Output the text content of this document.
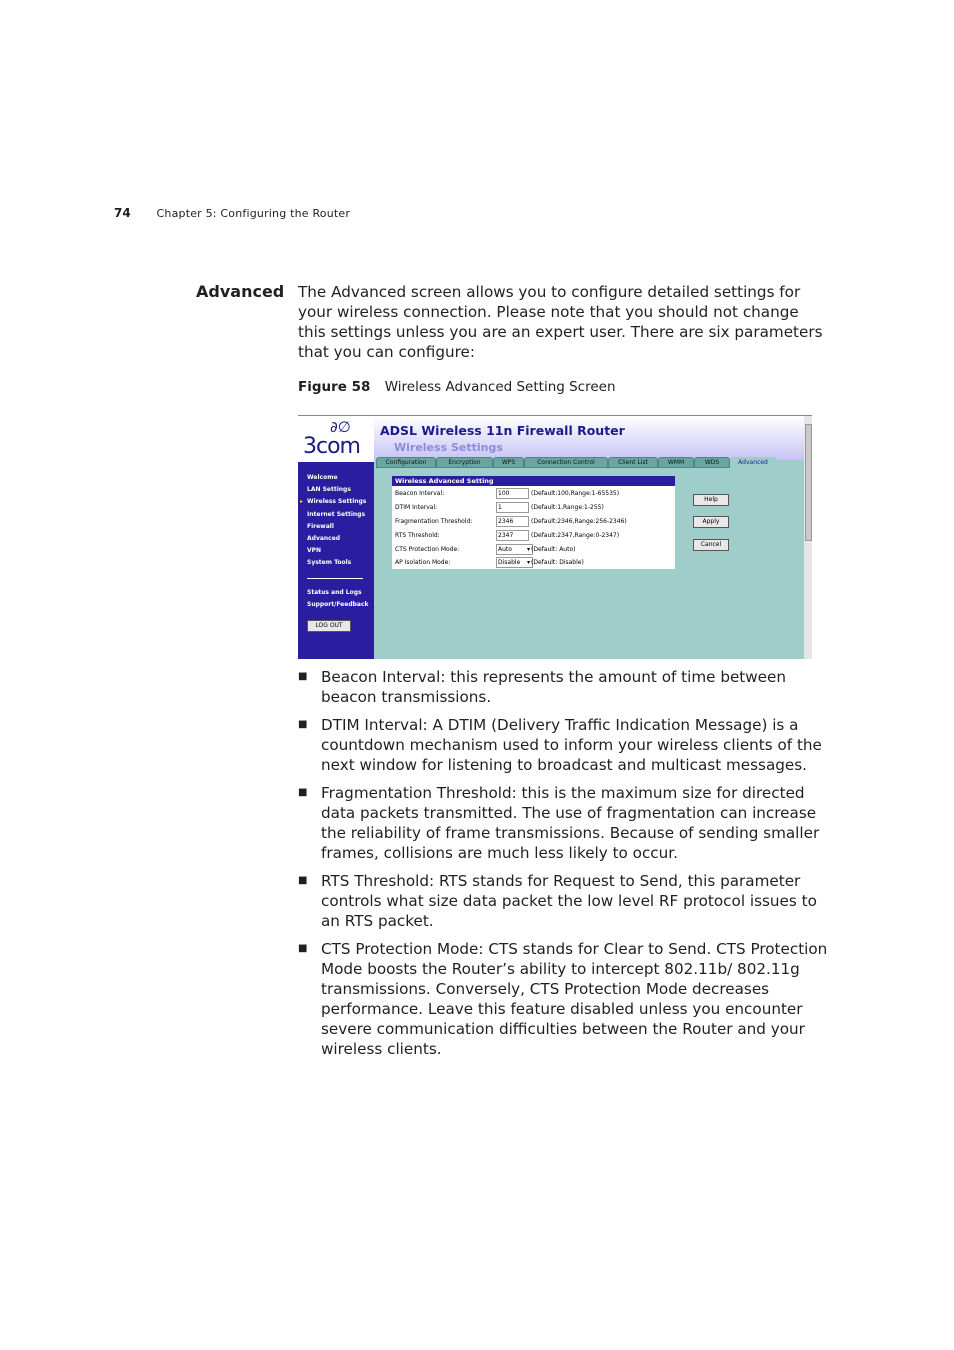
74 Chapter 5: Configuring the Router
Advanced The Advanced screen allows you to configure detailed settings for your wireless connection. Please note that you should not change this settings unless you are an expert user. There are six parameters that you can configure:
Figure 58 Wireless Advanced Setting Screen
∂∅
3com
Welcome
LAN Settings
▸ Wireless Settings
Internet Settings
Firewall
Advanced
VPN
System Tools
Status and Logs
Support/Feedback
LOG OUT
ADSL Wireless 11n Firewall Router
Wireless Settings
Configuration	Encryption	WPS	Connection Control	Client List	WMM	WDS	Advanced
Wireless Advanced Setting
Beacon Interval:	100	(Default:100,Range:1-65535)
DTIM Interval:	1	(Default:1,Range:1-255)
Fragmentation Threshold:	2346	(Default:2346,Range:256-2346)
RTS Threshold:	2347	(Default:2347,Range:0-2347)
CTS Protection Mode:	Auto	▾ (Default: Auto)
AP Isolation Mode:	Disable ▾ (Default: Disable)
Help
Apply
Cancel
■ Beacon Interval: this represents the amount of time between beacon transmissions.
■ DTIM Interval: A DTIM (Delivery Traffic Indication Message) is a countdown mechanism used to inform your wireless clients of the next window for listening to broadcast and multicast messages.
■ Fragmentation Threshold: this is the maximum size for directed data packets transmitted. The use of fragmentation can increase the reliability of frame transmissions. Because of sending smaller frames, collisions are much less likely to occur.
■ RTS Threshold: RTS stands for Request to Send, this parameter controls what size data packet the low level RF protocol issues to an RTS packet.
■ CTS Protection Mode: CTS stands for Clear to Send. CTS Protection Mode boosts the Router’s ability to intercept 802.11b/ 802.11g transmissions. Conversely, CTS Protection Mode decreases performance. Leave this feature disabled unless you encounter severe communication difficulties between the Router and your wireless clients.
